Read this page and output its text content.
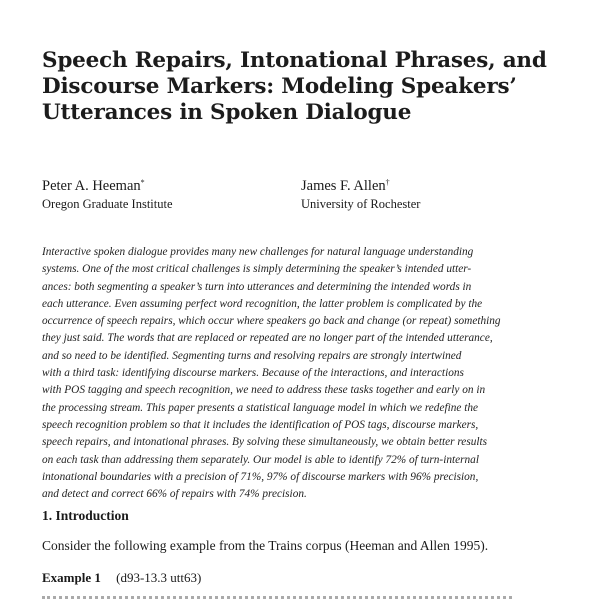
Speech Repairs, Intonational Phrases, and
Discourse Markers: Modeling Speakers’
Utterances in Spoken Dialogue
Peter A. Heeman*
Oregon Graduate Institute
James F. Allen†
University of Rochester
Interactive spoken dialogue provides many new challenges for natural language understanding
systems. One of the most critical challenges is simply determining the speaker’s intended utter-
ances: both segmenting a speaker’s turn into utterances and determining the intended words in
each utterance. Even assuming perfect word recognition, the latter problem is complicated by the
occurrence of speech repairs, which occur where speakers go back and change (or repeat) something
they just said. The words that are replaced or repeated are no longer part of the intended utterance,
and so need to be identified. Segmenting turns and resolving repairs are strongly intertwined
with a third task: identifying discourse markers. Because of the interactions, and interactions
with POS tagging and speech recognition, we need to address these tasks together and early on in
the processing stream. This paper presents a statistical language model in which we redefine the
speech recognition problem so that it includes the identification of POS tags, discourse markers,
speech repairs, and intonational phrases. By solving these simultaneously, we obtain better results
on each task than addressing them separately. Our model is able to identify 72% of turn-internal
intonational boundaries with a precision of 71%, 97% of discourse markers with 96% precision,
and detect and correct 66% of repairs with 74% precision.
1. Introduction
Consider the following example from the Trains corpus (Heeman and Allen 1995).
Example 1 (d93-13.3 utt63)
